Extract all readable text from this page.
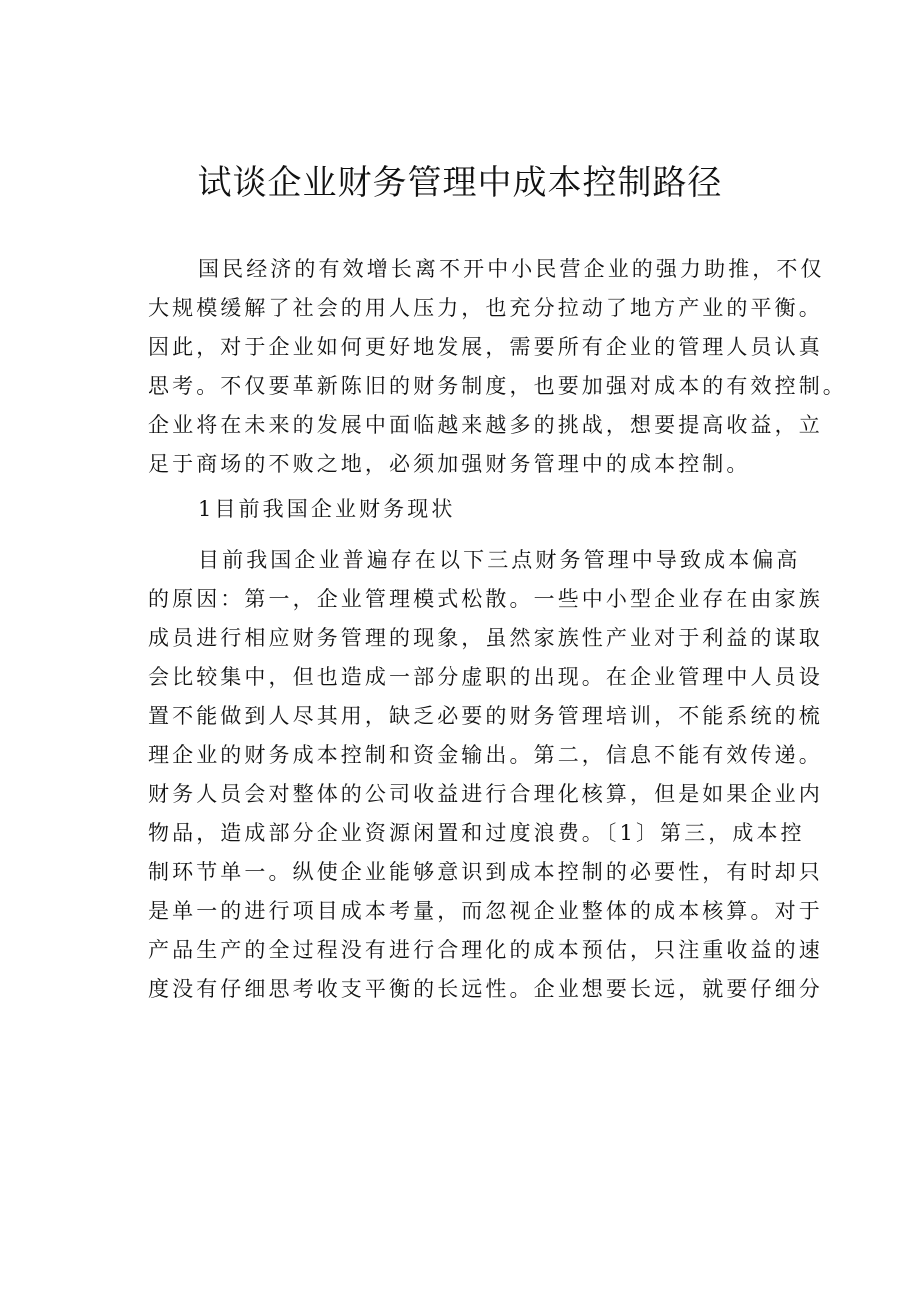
试谈企业财务管理中成本控制路径
国民经济的有效增长离不开中小民营企业的强力助推，不仅
大规模缓解了社会的用人压力，也充分拉动了地方产业的平衡。
因此，对于企业如何更好地发展，需要所有企业的管理人员认真
思考。不仅要革新陈旧的财务制度，也要加强对成本的有效控制。
企业将在未来的发展中面临越来越多的挑战，想要提高收益，立
足于商场的不败之地，必须加强财务管理中的成本控制。
1目前我国企业财务现状
目前我国企业普遍存在以下三点财务管理中导致成本偏高
的原因：第一，企业管理模式松散。一些中小型企业存在由家族
成员进行相应财务管理的现象，虽然家族性产业对于利益的谋取
会比较集中，但也造成一部分虚职的出现。在企业管理中人员设
置不能做到人尽其用，缺乏必要的财务管理培训，不能系统的梳
理企业的财务成本控制和资金输出。第二，信息不能有效传递。
财务人员会对整体的公司收益进行合理化核算，但是如果企业内
物品，造成部分企业资源闲置和过度浪费。〔1〕第三，成本控
制环节单一。纵使企业能够意识到成本控制的必要性，有时却只
是单一的进行项目成本考量，而忽视企业整体的成本核算。对于
产品生产的全过程没有进行合理化的成本预估，只注重收益的速
度没有仔细思考收支平衡的长远性。企业想要长远，就要仔细分
